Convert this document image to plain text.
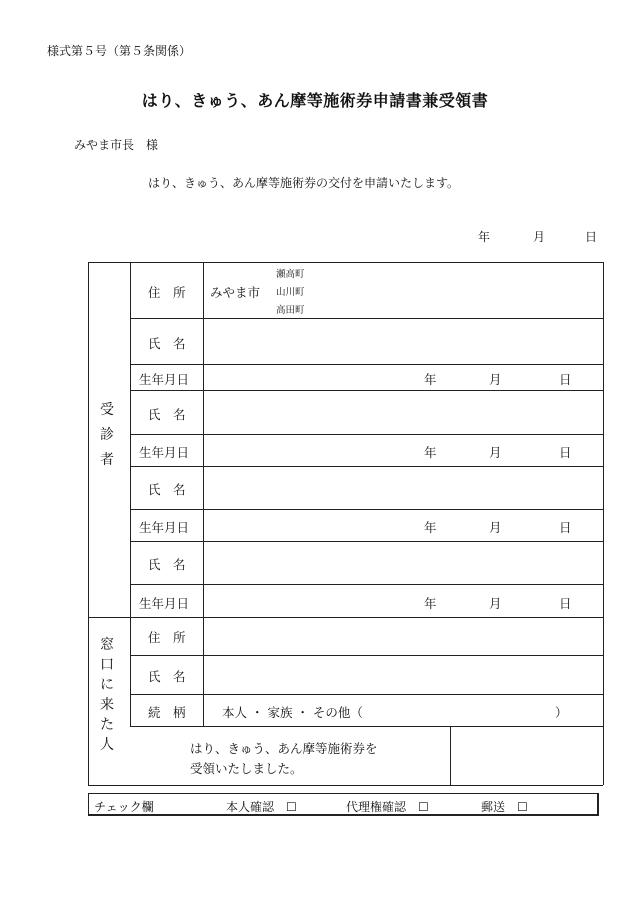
様式第５号（第５条関係）
はり、きゅう、あん摩等施術券申請書兼受領書
みやま市長　様
はり、きゅう、あん摩等施術券の交付を申請いたします。
年	月	日
受
診
者
住　所 みやま市
瀬高町
山川町
高田町
氏　名
生年月日	年	月	日
氏　名
生年月日	年	月	日
氏　名
生年月日	年	月	日
氏　名
生年月日	年	月	日
窓
口
に
来
た
人
住　所
氏　名
続　柄	本人 ・ 家族 ・ その他（	）
はり、きゅう、あん摩等施術券を
受領いたしました。
チェック欄	本人確認　☐	代理権確認　☐	郵送　☐
